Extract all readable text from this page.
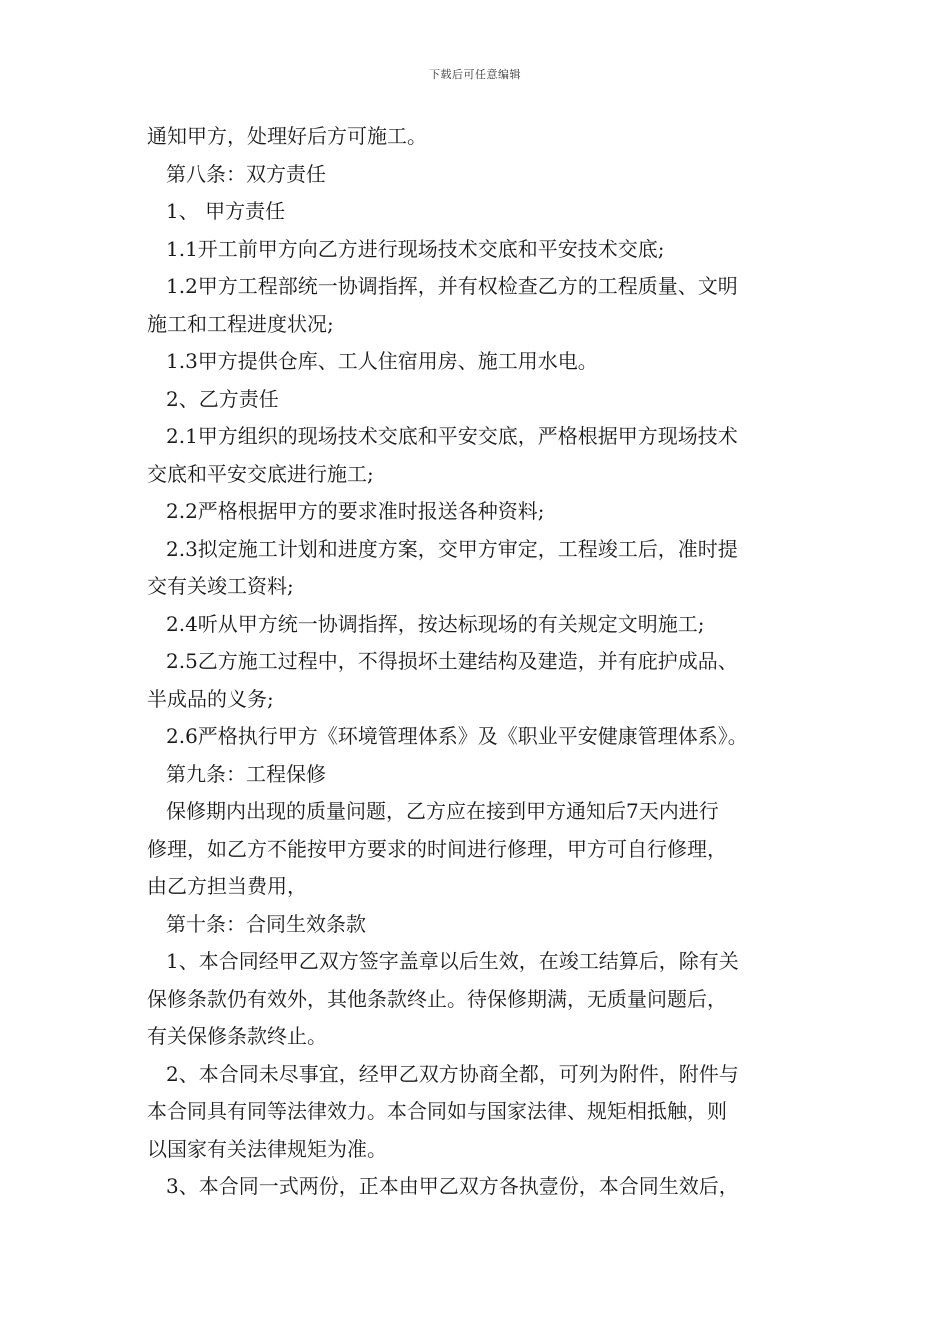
下载后可任意编辑
通知甲方，处理好后方可施工。
第八条：双方责任
1、 甲方责任
1.1开工前甲方向乙方进行现场技术交底和平安技术交底;
1.2甲方工程部统一协调指挥，并有权检查乙方的工程质量、文明
施工和工程进度状况;
1.3甲方提供仓库、工人住宿用房、施工用水电。
2、乙方责任
2.1甲方组织的现场技术交底和平安交底，严格根据甲方现场技术
交底和平安交底进行施工;
2.2严格根据甲方的要求准时报送各种资料;
2.3拟定施工计划和进度方案，交甲方审定，工程竣工后，准时提
交有关竣工资料;
2.4听从甲方统一协调指挥，按达标现场的有关规定文明施工;
2.5乙方施工过程中，不得损坏土建结构及建造，并有庇护成品、
半成品的义务;
2.6严格执行甲方《环境管理体系》及《职业平安健康管理体系》。
第九条：工程保修
保修期内出现的质量问题，乙方应在接到甲方通知后7天内进行
修理，如乙方不能按甲方要求的时间进行修理，甲方可自行修理，
由乙方担当费用，
第十条：合同生效条款
1、本合同经甲乙双方签字盖章以后生效，在竣工结算后，除有关
保修条款仍有效外，其他条款终止。待保修期满，无质量问题后，
有关保修条款终止。
2、本合同未尽事宜，经甲乙双方协商全都，可列为附件，附件与
本合同具有同等法律效力。本合同如与国家法律、规矩相抵触，则
以国家有关法律规矩为准。
3、本合同一式两份，正本由甲乙双方各执壹份，本合同生效后，
